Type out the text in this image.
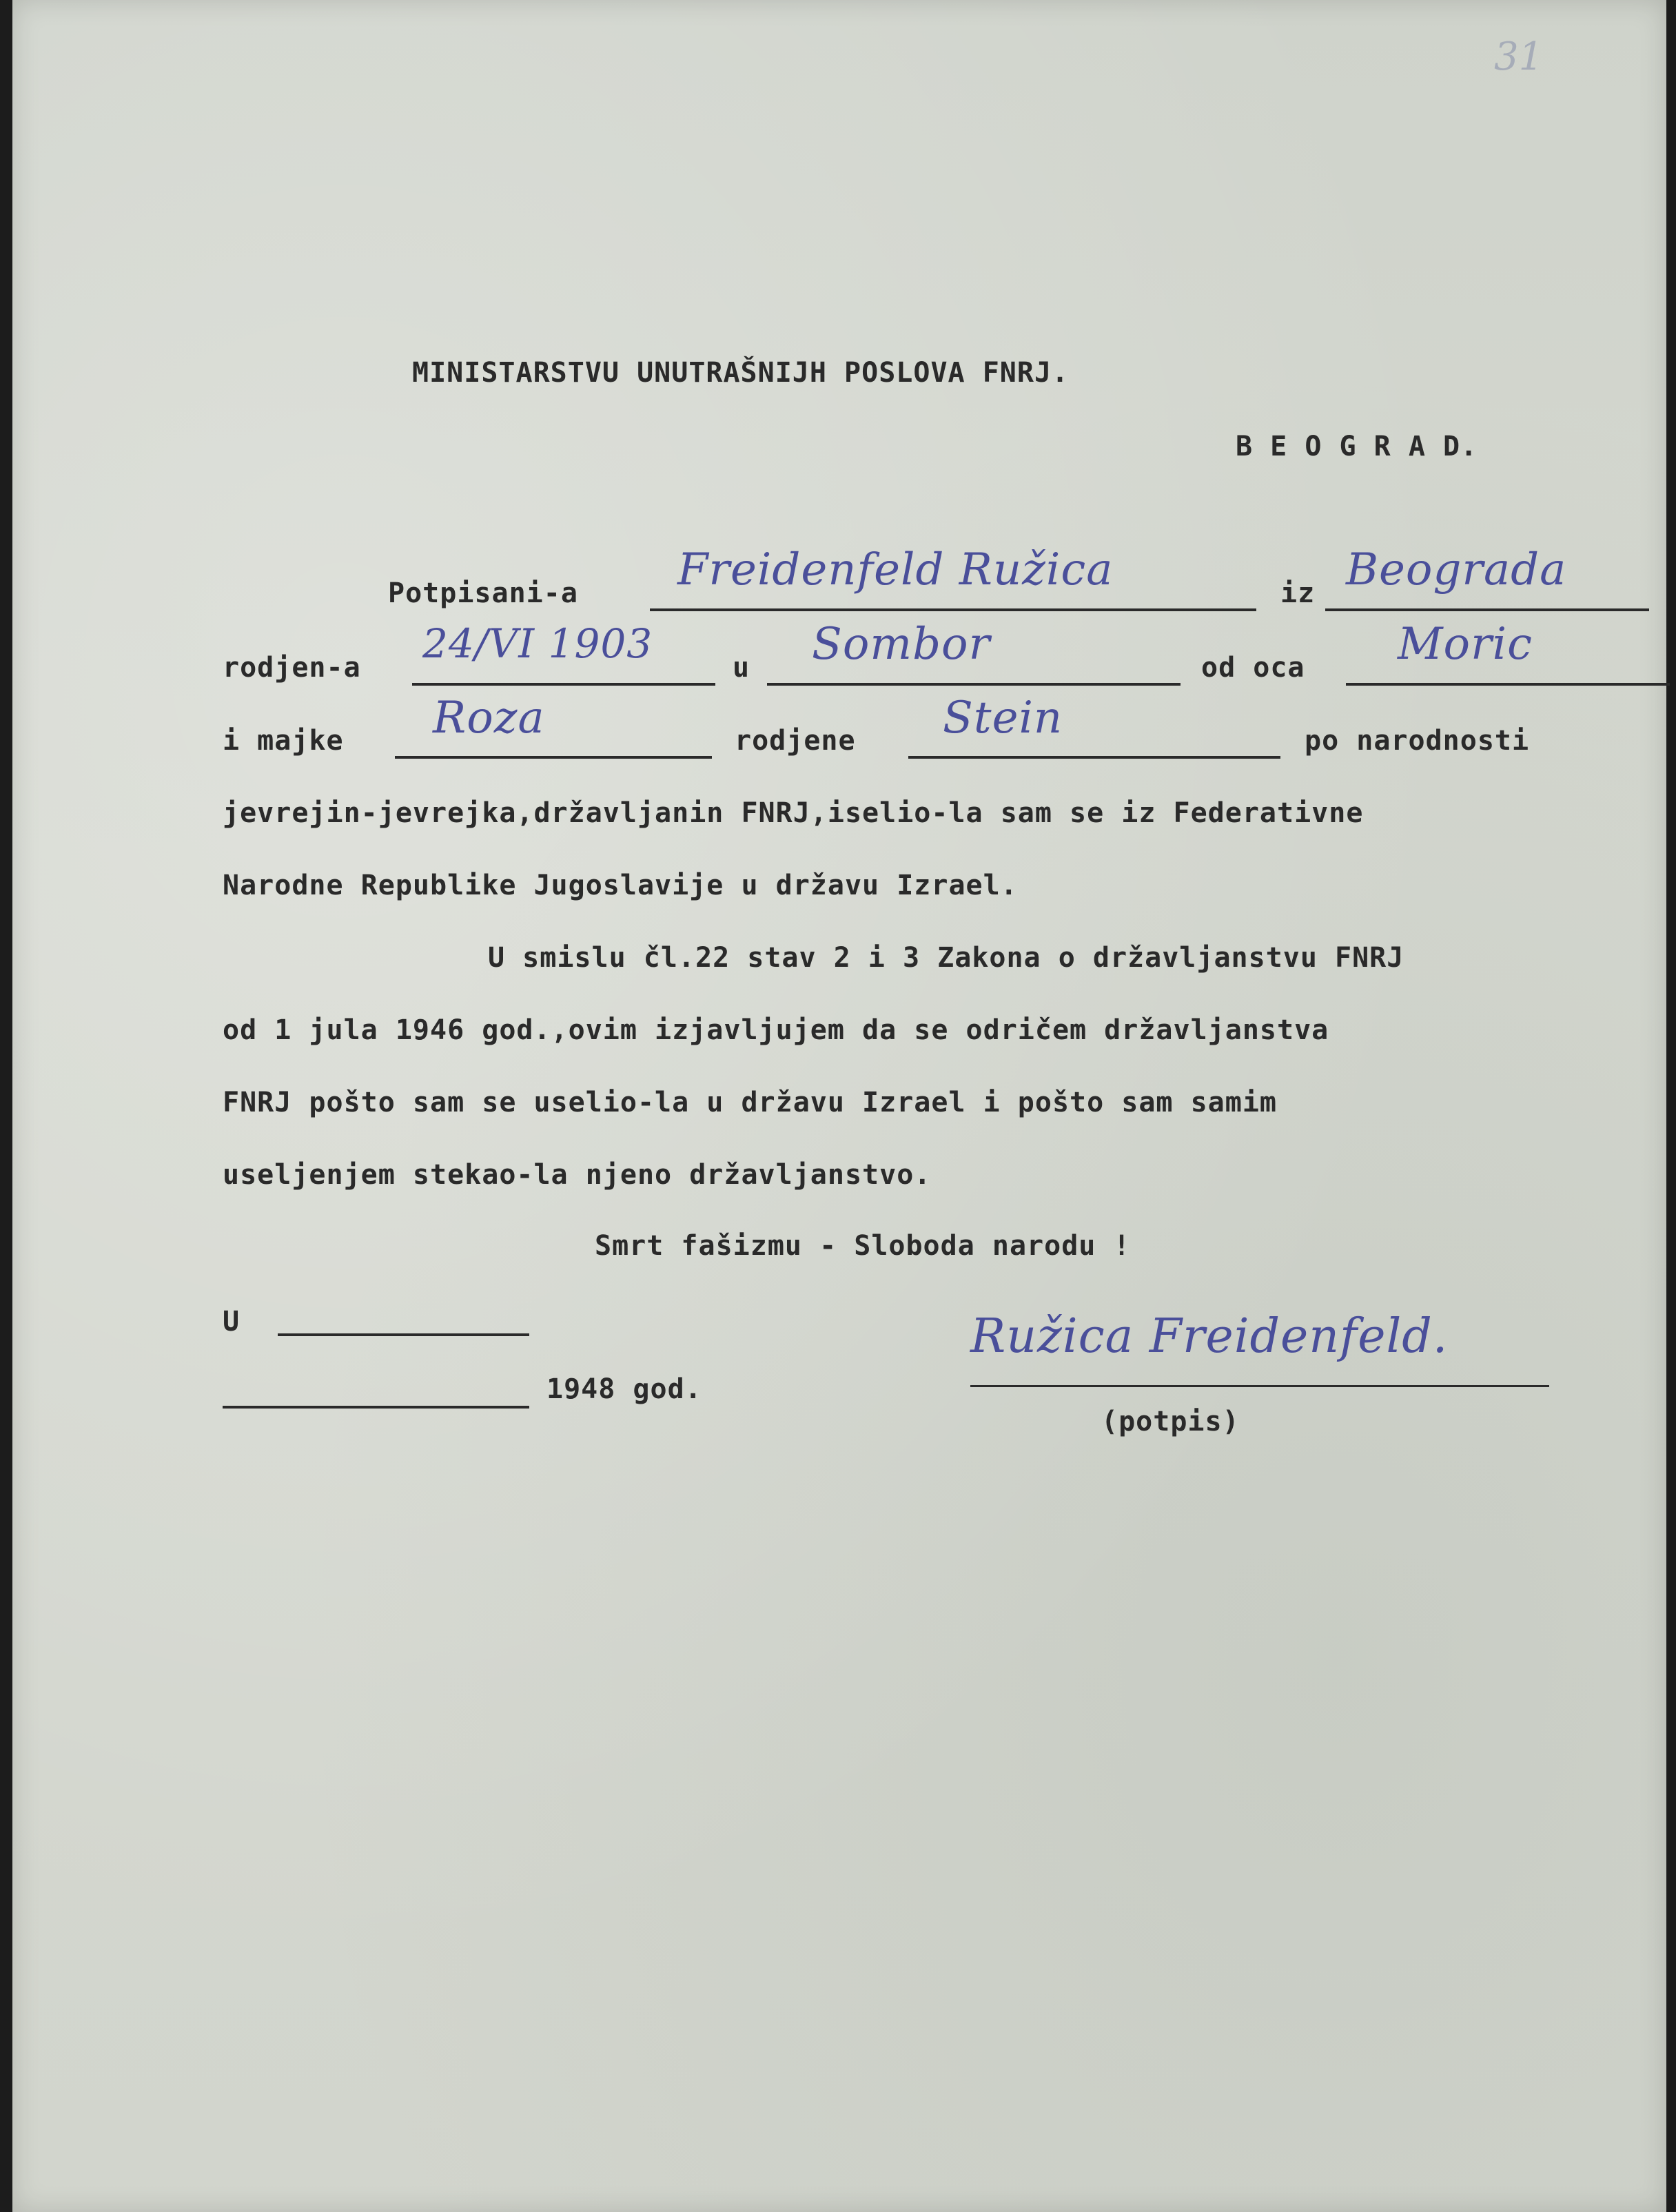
31
MINISTARSTVU UNUTRAŠNIJH POSLOVA FNRJ.
B E O G R A D.
Potpisani-a Freidenfeld Ružica	iz Beograda
rodjen-a
24/VI 1903
u Sombor	od oca Moric
i majke Roza	rodjene Stein	po narodnosti
jevrejin-jevrejka,državljanin FNRJ,iselio-la sam se iz Federativne
Narodne Republike Jugoslavije u državu Izrael.
U smislu čl.22 stav 2 i 3 Zakona o državljanstvu FNRJ
od 1 jula 1946 god.,ovim izjavljujem da se odričem državljanstva
FNRJ pošto sam se uselio-la u državu Izrael i pošto sam samim
useljenjem stekao-la njeno državljanstvo.
Smrt fašizmu - Sloboda narodu !
U
1948 god.
Ružica Freidenfeld.
(potpis)
